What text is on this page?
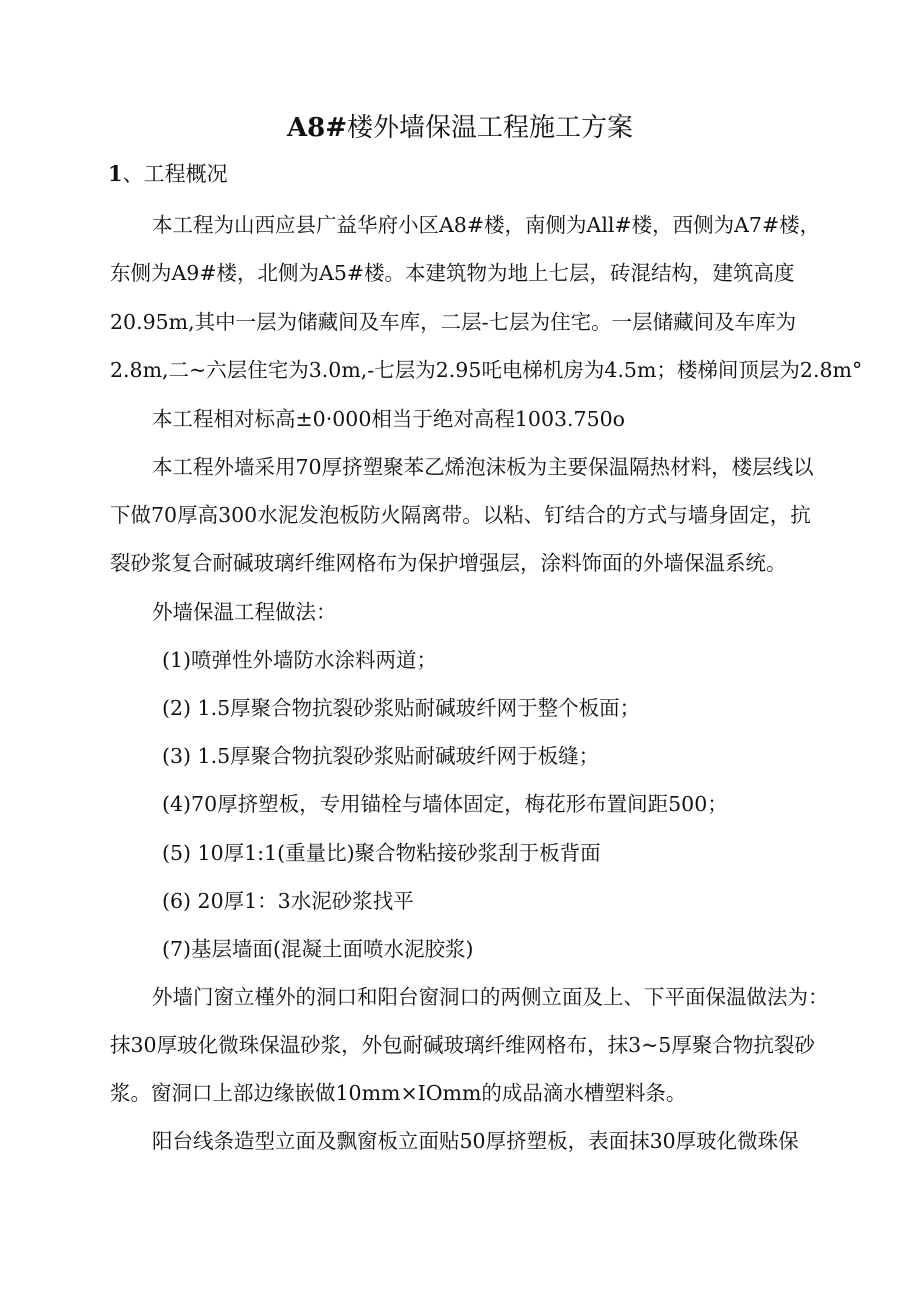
A8#楼外墙保温工程施工方案

1、工程概况

本工程为山西应县广益华府小区A8#楼，南侧为All#楼，西侧为A7#楼，

东侧为A9#楼，北侧为A5#楼。本建筑物为地上七层，砖混结构，建筑高度

20.95m,其中一层为储藏间及车库，二层-七层为住宅。一层储藏间及车库为

2.8m,二~六层住宅为3.0m,-七层为2.95吒电梯机房为4.5m；楼梯间顶层为2.8m°

本工程相对标高±0·000相当于绝对高程1003.750o

本工程外墙采用70厚挤塑聚苯乙烯泡沫板为主要保温隔热材料，楼层线以

下做70厚高300水泥发泡板防火隔离带。以粘、钉结合的方式与墙身固定，抗

裂砂浆复合耐碱玻璃纤维网格布为保护增强层，涂料饰面的外墙保温系统。

外墙保温工程做法：

(1)喷弹性外墙防水涂料两道；

(2) 1.5厚聚合物抗裂砂浆贴耐碱玻纤网于整个板面；

(3) 1.5厚聚合物抗裂砂浆贴耐碱玻纤网于板缝；

(4)70厚挤塑板，专用锚栓与墙体固定，梅花形布置间距500；

(5) 10厚1:1(重量比)聚合物粘接砂浆刮于板背面

(6) 20厚1：3水泥砂浆找平

(7)基层墙面(混凝土面喷水泥胶浆)

外墙门窗立槿外的洞口和阳台窗洞口的两侧立面及上、下平面保温做法为：

抹30厚玻化微珠保温砂浆，外包耐碱玻璃纤维网格布，抹3~5厚聚合物抗裂砂

浆。窗洞口上部边缘嵌做10mm×IOmm的成品滴水槽塑料条。

阳台线条造型立面及飘窗板立面贴50厚挤塑板，表面抹30厚玻化微珠保
